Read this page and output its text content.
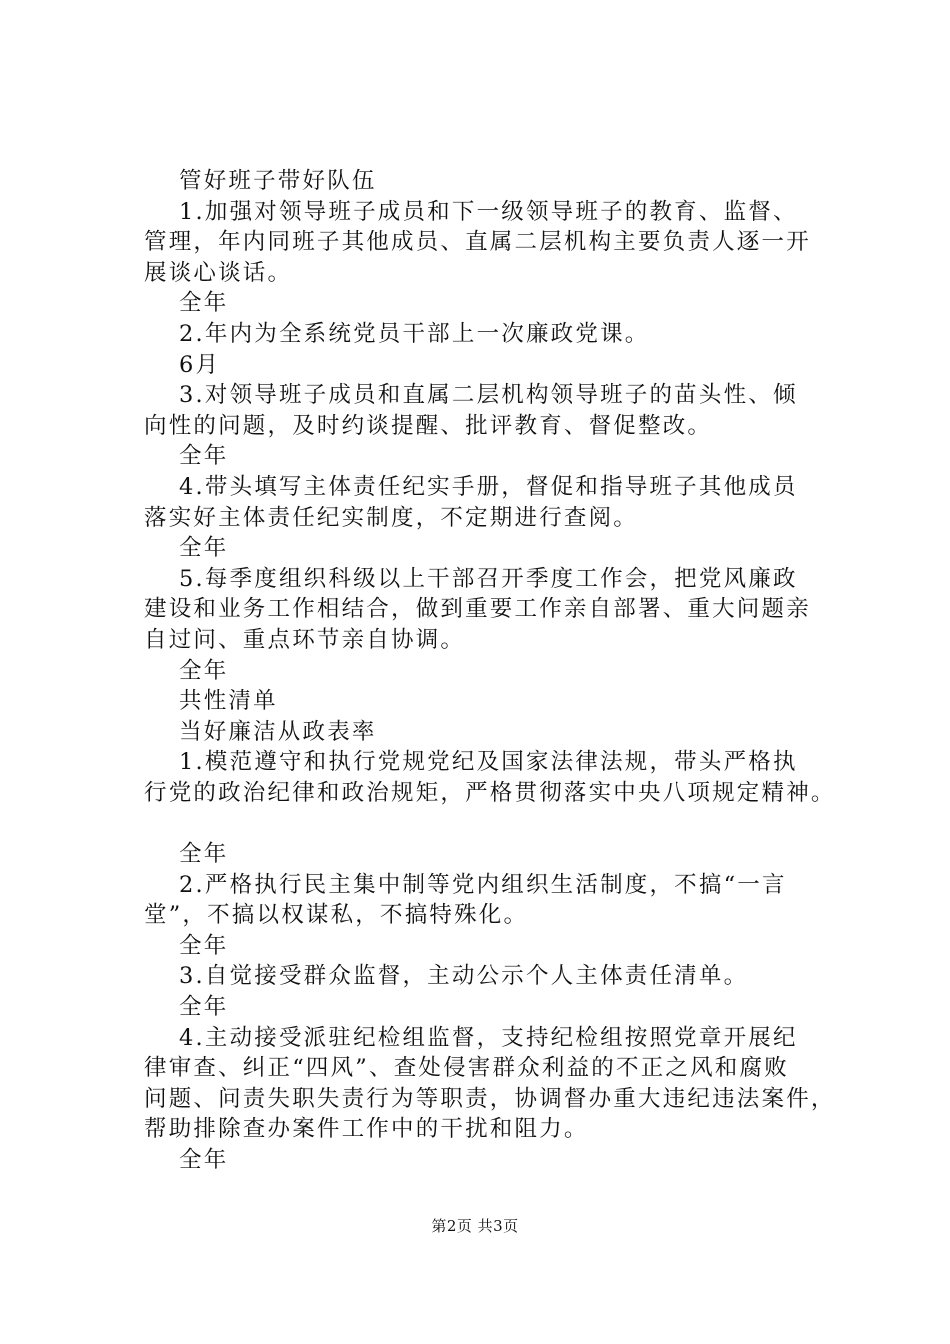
管好班子带好队伍
1.加强对领导班子成员和下一级领导班子的教育、监督、
管理，年内同班子其他成员、直属二层机构主要负责人逐一开
展谈心谈话。
全年
2.年内为全系统党员干部上一次廉政党课。
6月
3.对领导班子成员和直属二层机构领导班子的苗头性、倾
向性的问题，及时约谈提醒、批评教育、督促整改。
全年
4.带头填写主体责任纪实手册，督促和指导班子其他成员
落实好主体责任纪实制度，不定期进行查阅。
全年
5.每季度组织科级以上干部召开季度工作会，把党风廉政
建设和业务工作相结合，做到重要工作亲自部署、重大问题亲
自过问、重点环节亲自协调。
全年
共性清单
当好廉洁从政表率
1.模范遵守和执行党规党纪及国家法律法规，带头严格执
行党的政治纪律和政治规矩，严格贯彻落实中央八项规定精神。
全年
2.严格执行民主集中制等党内组织生活制度，不搞“一言
堂”，不搞以权谋私，不搞特殊化。
全年
3.自觉接受群众监督，主动公示个人主体责任清单。
全年
4.主动接受派驻纪检组监督，支持纪检组按照党章开展纪
律审查、纠正“四风”、查处侵害群众利益的不正之风和腐败
问题、问责失职失责行为等职责，协调督办重大违纪违法案件，
帮助排除查办案件工作中的干扰和阻力。
全年
第2页 共3页
